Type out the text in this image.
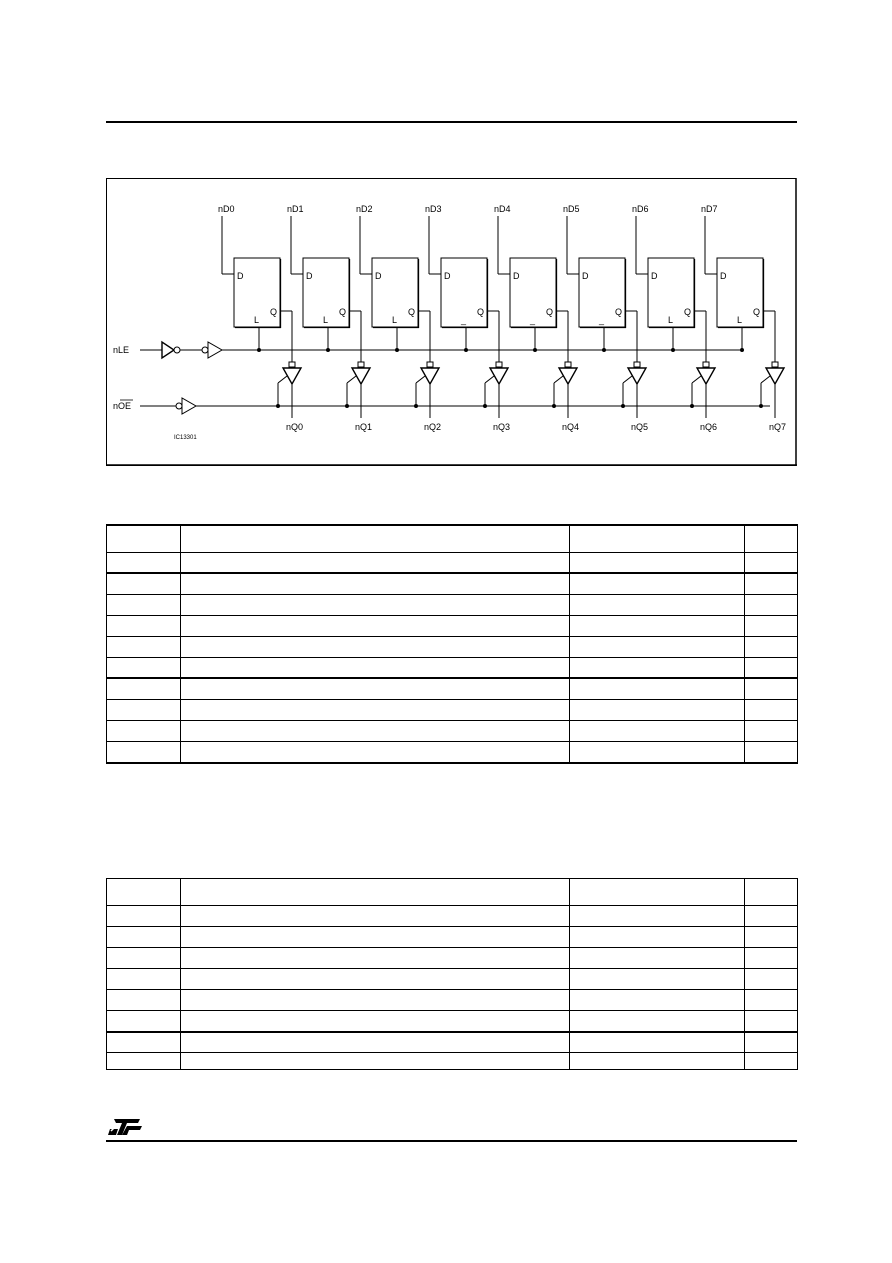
nD0
D
Q
L
nQ0
nD1
D
Q
L
nQ1
nD2
D
Q
L
nQ2
nD3
D
Q
_
nQ3
nD4
D
Q
_
nQ4
nD5
D
Q
_
nQ5
nD6
D
Q
L
nQ6
nD7
D
Q
L
nQ7
nLE
nOE
IC13301
